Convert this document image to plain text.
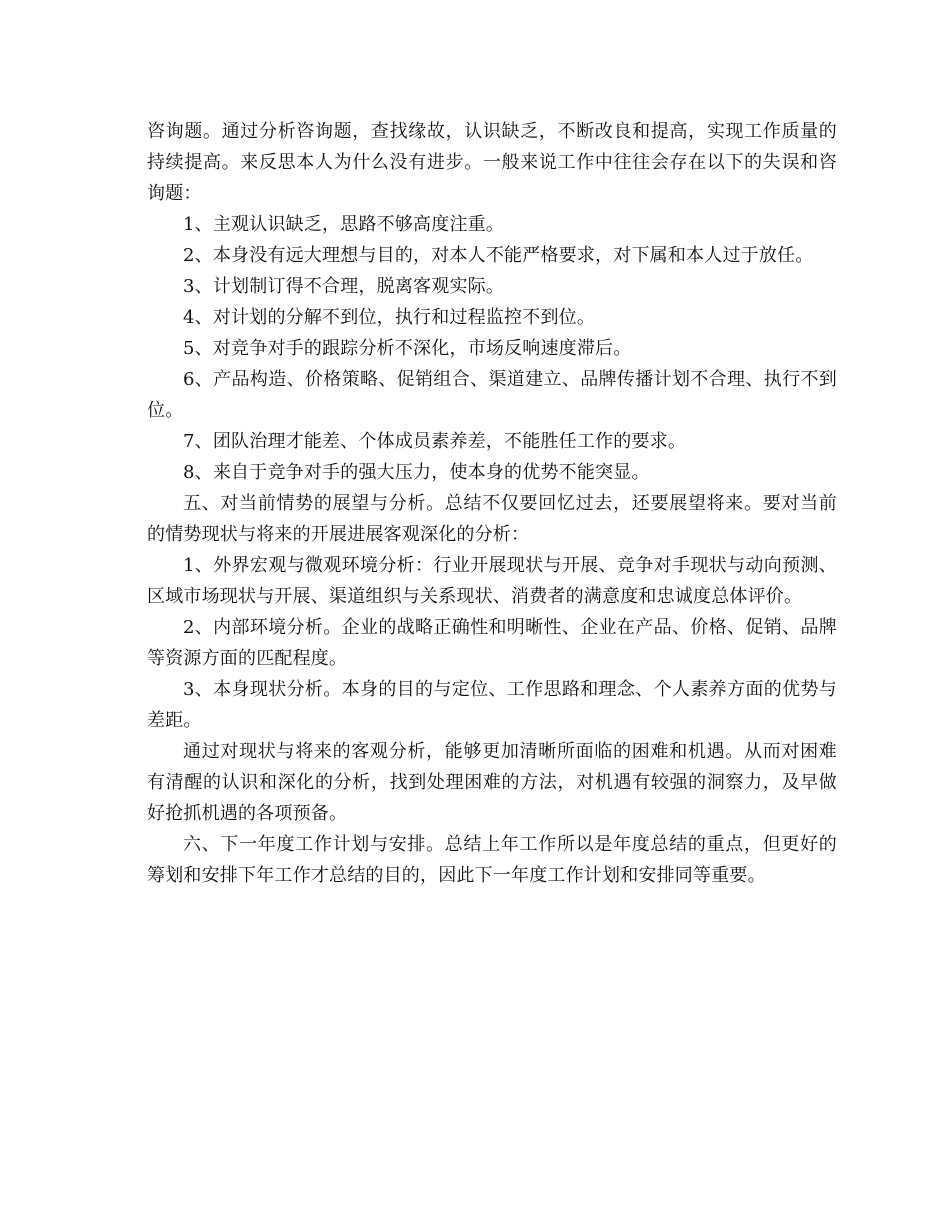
咨询题。通过分析咨询题，查找缘故，认识缺乏，不断改良和提高，实现工作质量的持续提高。来反思本人为什么没有进步。一般来说工作中往往会存在以下的失误和咨询题：

1、主观认识缺乏，思路不够高度注重。

2、本身没有远大理想与目的，对本人不能严格要求，对下属和本人过于放任。

3、计划制订得不合理，脱离客观实际。

4、对计划的分解不到位，执行和过程监控不到位。

5、对竞争对手的跟踪分析不深化，市场反响速度滞后。

6、产品构造、价格策略、促销组合、渠道建立、品牌传播计划不合理、执行不到位。

7、团队治理才能差、个体成员素养差，不能胜任工作的要求。

8、来自于竞争对手的强大压力，使本身的优势不能突显。

五、对当前情势的展望与分析。总结不仅要回忆过去，还要展望将来。要对当前的情势现状与将来的开展进展客观深化的分析：

1、外界宏观与微观环境分析：行业开展现状与开展、竞争对手现状与动向预测、区域市场现状与开展、渠道组织与关系现状、消费者的满意度和忠诚度总体评价。

2、内部环境分析。企业的战略正确性和明晰性、企业在产品、价格、促销、品牌等资源方面的匹配程度。

3、本身现状分析。本身的目的与定位、工作思路和理念、个人素养方面的优势与差距。

通过对现状与将来的客观分析，能够更加清晰所面临的困难和机遇。从而对困难有清醒的认识和深化的分析，找到处理困难的方法，对机遇有较强的洞察力，及早做好抢抓机遇的各项预备。

六、下一年度工作计划与安排。总结上年工作所以是年度总结的重点，但更好的筹划和安排下年工作才总结的目的，因此下一年度工作计划和安排同等重要。
